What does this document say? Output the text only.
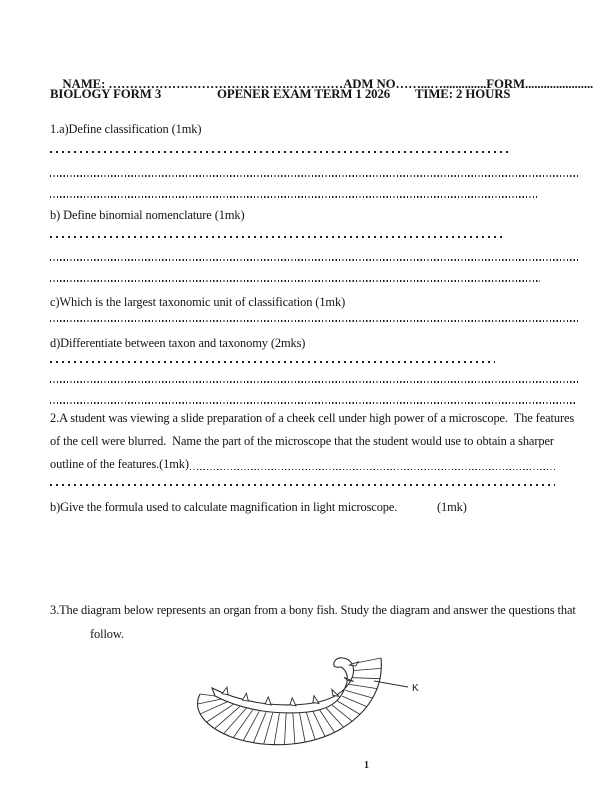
NAME: …………………………………….…….……ADM NO……...…..............FORM......................

BIOLOGY FORM 3	OPENER EXAM TERM 1 2026 TIME: 2 HOURS
1.a)Define classification (1mk)
b) Define binomial nomenclature (1mk)
c)Which is the largest taxonomic unit of classification (1mk)
d)Differentiate between taxon and taxonomy (2mks)
2.A student was viewing a slide preparation of a cheek cell under high power of a microscope.  The features
of the cell were blurred.  Name the part of the microscope that the student would use to obtain a sharper
outline of the features.(1mk)
b)Give the formula used to calculate magnification in light microscope.	(1mk)
3.The diagram below represents an organ from a bony fish. Study the diagram and answer the questions that
follow.
K
1
